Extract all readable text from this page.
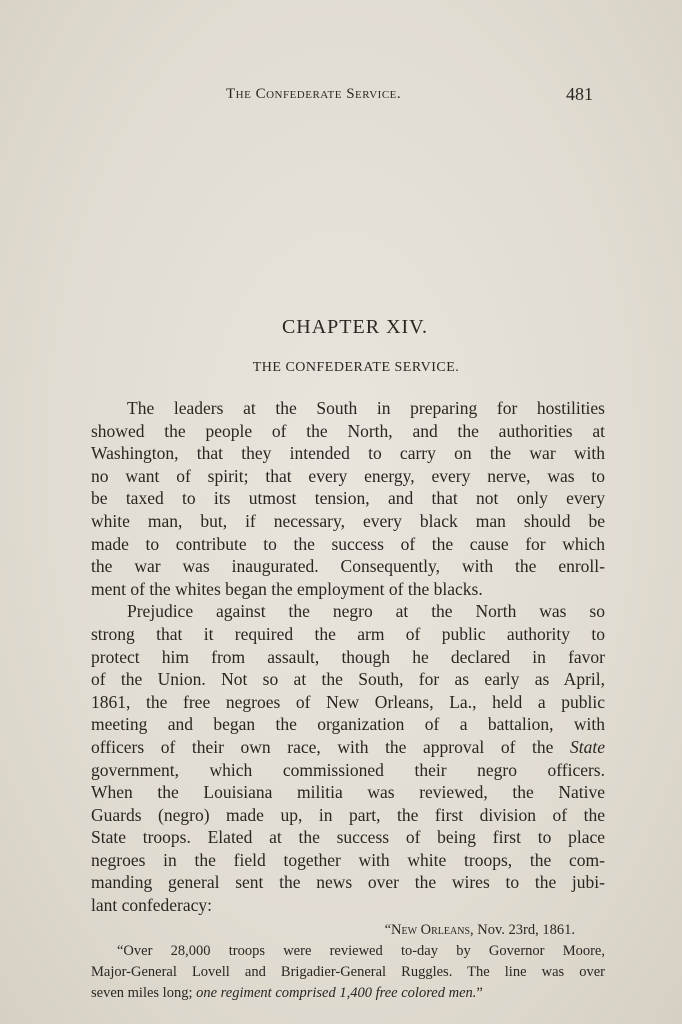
The Confederate Service.	481
CHAPTER XIV.
THE CONFEDERATE SERVICE.
The leaders at the South in preparing for hostilities
showed the people of the North, and the authorities at
Washington, that they intended to carry on the war with
no want of spirit; that every energy, every nerve, was to
be taxed to its utmost tension, and that not only every
white man, but, if necessary, every black man should be
made to contribute to the success of the cause for which
the war was inaugurated. Consequently, with the enroll-
ment of the whites began the employment of the blacks.
Prejudice against the negro at the North was so
strong that it required the arm of public authority to
protect him from assault, though he declared in favor
of the Union. Not so at the South, for as early as April,
1861, the free negroes of New Orleans, La., held a public
meeting and began the organization of a battalion, with
officers of their own race, with the approval of the State
government, which commissioned their negro officers.
When the Louisiana militia was reviewed, the Native
Guards (negro) made up, in part, the first division of the
State troops. Elated at the success of being first to place
negroes in the field together with white troops, the com-
manding general sent the news over the wires to the jubi-
lant confederacy:
“New Orleans, Nov. 23rd, 1861.
“Over 28,000 troops were reviewed to-day by Governor Moore,
Major-General Lovell and Brigadier-General Ruggles. The line was over
seven miles long; one regiment comprised 1,400 free colored men.”
